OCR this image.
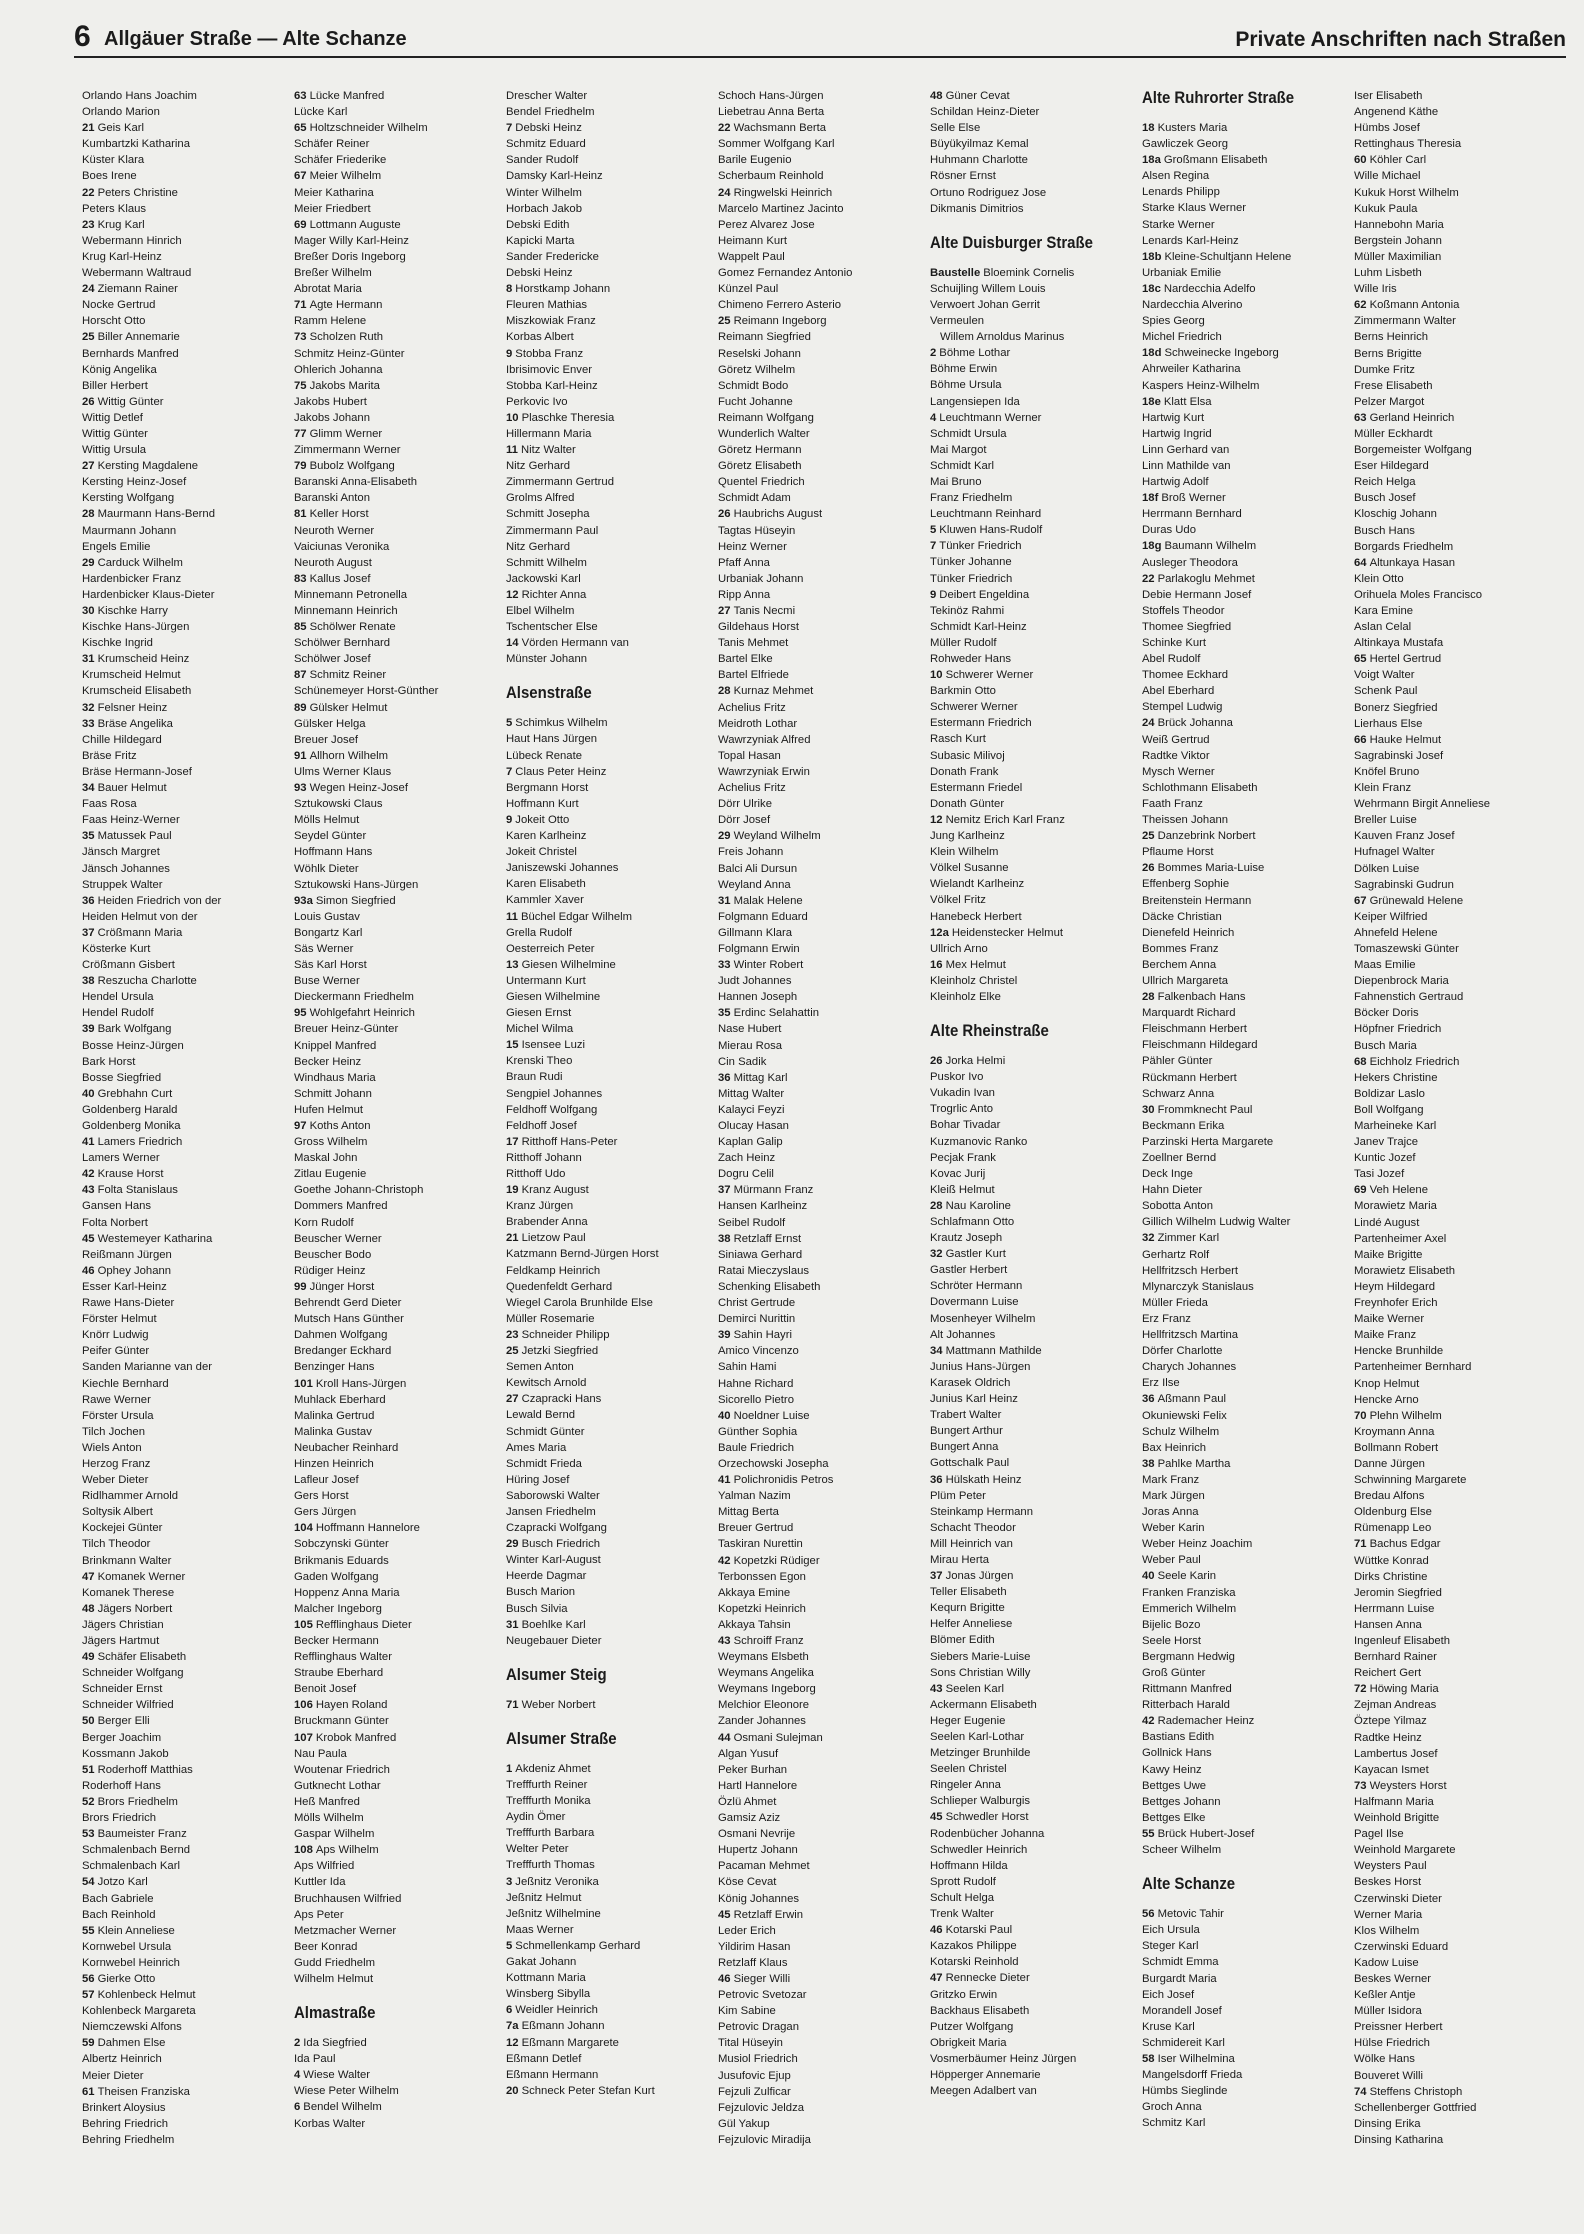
6 Allgäuer Straße — Alte Schanze	Private Anschriften nach Straßen
Orlando Hans Joachim
Orlando Marion
21 Geis Karl
Kumbartzki Katharina
Küster Klara
Boes Irene
22 Peters Christine
Peters Klaus
23 Krug Karl
Webermann Hinrich
Krug Karl-Heinz
Webermann Waltraud
24 Ziemann Rainer
Nocke Gertrud
Horscht Otto
25 Biller Annemarie
Bernhards Manfred
König Angelika
Biller Herbert
26 Wittig Günter
Wittig Detlef
Wittig Günter
Wittig Ursula
27 Kersting Magdalene
Kersting Heinz-Josef
Kersting Wolfgang
28 Maurmann Hans-Bernd
Maurmann Johann
Engels Emilie
29 Carduck Wilhelm
Hardenbicker Franz
Hardenbicker Klaus-Dieter
30 Kischke Harry
Kischke Hans-Jürgen
Kischke Ingrid
31 Krumscheid Heinz
Krumscheid Helmut
Krumscheid Elisabeth
32 Felsner Heinz
33 Bräse Angelika
Chille Hildegard
Bräse Fritz
Bräse Hermann-Josef
34 Bauer Helmut
Faas Rosa
Faas Heinz-Werner
35 Matussek Paul
Jänsch Margret
Jänsch Johannes
Struppek Walter
36 Heiden Friedrich von der
Heiden Helmut von der
37 Crößmann Maria
Kösterke Kurt
Crößmann Gisbert
38 Reszucha Charlotte
Hendel Ursula
Hendel Rudolf
39 Bark Wolfgang
Bosse Heinz-Jürgen
Bark Horst
Bosse Siegfried
40 Grebhahn Curt
Goldenberg Harald
Goldenberg Monika
41 Lamers Friedrich
Lamers Werner
42 Krause Horst
43 Folta Stanislaus
Gansen Hans
Folta Norbert
45 Westemeyer Katharina
Reißmann Jürgen
46 Ophey Johann
Esser Karl-Heinz
Rawe Hans-Dieter
Förster Helmut
Knörr Ludwig
Peifer Günter
Sanden Marianne van der
Kiechle Bernhard
Rawe Werner
Förster Ursula
Tilch Jochen
Wiels Anton
Herzog Franz
Weber Dieter
Ridlhammer Arnold
Soltysik Albert
Kockejei Günter
Tilch Theodor
Brinkmann Walter
47 Komanek Werner
Komanek Therese
48 Jägers Norbert
Jägers Christian
Jägers Hartmut
49 Schäfer Elisabeth
Schneider Wolfgang
Schneider Ernst
Schneider Wilfried
50 Berger Elli
Berger Joachim
Kossmann Jakob
51 Roderhoff Matthias
Roderhoff Hans
52 Brors Friedhelm
Brors Friedrich
53 Baumeister Franz
Schmalenbach Bernd
Schmalenbach Karl
54 Jotzo Karl
Bach Gabriele
Bach Reinhold
55 Klein Anneliese
Kornwebel Ursula
Kornwebel Heinrich
56 Gierke Otto
57 Kohlenbeck Helmut
Kohlenbeck Margareta
Niemczewski Alfons
59 Dahmen Else
Albertz Heinrich
Meier Dieter
61 Theisen Franziska
Brinkert Aloysius
Behring Friedrich
Behring Friedhelm
63 Lücke Manfred
Lücke Karl
65 Holtzschneider Wilhelm
Schäfer Reiner
Schäfer Friederike
67 Meier Wilhelm
Meier Katharina
Meier Friedbert
69 Lottmann Auguste
Mager Willy Karl-Heinz
Breßer Doris Ingeborg
Breßer Wilhelm
Abrotat Maria
71 Agte Hermann
Ramm Helene
73 Scholzen Ruth
Schmitz Heinz-Günter
Ohlerich Johanna
75 Jakobs Marita
Jakobs Hubert
Jakobs Johann
77 Glimm Werner
Zimmermann Werner
79 Bubolz Wolfgang
Baranski Anna-Elisabeth
Baranski Anton
81 Keller Horst
Neuroth Werner
Vaiciunas Veronika
Neuroth August
83 Kallus Josef
Minnemann Petronella
Minnemann Heinrich
85 Schölwer Renate
Schölwer Bernhard
Schölwer Josef
87 Schmitz Reiner
Schünemeyer Horst-Günther
89 Gülsker Helmut
Gülsker Helga
Breuer Josef
91 Allhorn Wilhelm
Ulms Werner Klaus
93 Wegen Heinz-Josef
Sztukowski Claus
Mölls Helmut
Seydel Günter
Hoffmann Hans
Wöhlk Dieter
Sztukowski Hans-Jürgen
93a Simon Siegfried
Louis Gustav
Bongartz Karl
Säs Werner
Säs Karl Horst
Buse Werner
Dieckermann Friedhelm
95 Wohlgefahrt Heinrich
Breuer Heinz-Günter
Knippel Manfred
Becker Heinz
Windhaus Maria
Schmitt Johann
Hufen Helmut
97 Koths Anton
Gross Wilhelm
Maskal John
Zitlau Eugenie
Goethe Johann-Christoph
Dommers Manfred
Korn Rudolf
Beuscher Werner
Beuscher Bodo
Rüdiger Heinz
99 Jünger Horst
Behrendt Gerd Dieter
Mutsch Hans Günther
Dahmen Wolfgang
Bredanger Eckhard
Benzinger Hans
101 Kroll Hans-Jürgen
Muhlack Eberhard
Malinka Gertrud
Malinka Gustav
Neubacher Reinhard
Hinzen Heinrich
Lafleur Josef
Gers Horst
Gers Jürgen
104 Hoffmann Hannelore
Sobczynski Günter
Brikmanis Eduards
Gaden Wolfgang
Hoppenz Anna Maria
Malcher Ingeborg
105 Refflinghaus Dieter
Becker Hermann
Refflinghaus Walter
Straube Eberhard
Benoit Josef
106 Hayen Roland
Bruckmann Günter
107 Krobok Manfred
Nau Paula
Woutenar Friedrich
Gutknecht Lothar
Heß Manfred
Mölls Wilhelm
Gaspar Wilhelm
108 Aps Wilhelm
Aps Wilfried
Kuttler Ida
Bruchhausen Wilfried
Aps Peter
Metzmacher Werner
Beer Konrad
Gudd Friedhelm
Wilhelm Helmut
Almastraße
2 Ida Siegfried
Ida Paul
4 Wiese Walter
Wiese Peter Wilhelm
6 Bendel Wilhelm
Korbas Walter
Drescher Walter
Bendel Friedhelm
7 Debski Heinz
Schmitz Eduard
Sander Rudolf
Damsky Karl-Heinz
Winter Wilhelm
Horbach Jakob
Debski Edith
Kapicki Marta
Sander Fredericke
Debski Heinz
8 Horstkamp Johann
Fleuren Mathias
Miszkowiak Franz
Korbas Albert
9 Stobba Franz
Ibrisimovic Enver
Stobba Karl-Heinz
Perkovic Ivo
10 Plaschke Theresia
Hillermann Maria
11 Nitz Walter
Nitz Gerhard
Zimmermann Gertrud
Grolms Alfred
Schmitt Josepha
Zimmermann Paul
Nitz Gerhard
Schmitt Wilhelm
Jackowski Karl
12 Richter Anna
Elbel Wilhelm
Tschentscher Else
14 Vörden Hermann van
Münster Johann
Alsenstraße
5 Schimkus Wilhelm
Haut Hans Jürgen
Lübeck Renate
7 Claus Peter Heinz
Bergmann Horst
Hoffmann Kurt
9 Jokeit Otto
Karen Karlheinz
Jokeit Christel
Janiszewski Johannes
Karen Elisabeth
Kammler Xaver
11 Büchel Edgar Wilhelm
Grella Rudolf
Oesterreich Peter
13 Giesen Wilhelmine
Untermann Kurt
Giesen Wilhelmine
Giesen Ernst
Michel Wilma
15 Isensee Luzi
Krenski Theo
Braun Rudi
Sengpiel Johannes
Feldhoff Wolfgang
Feldhoff Josef
17 Ritthoff Hans-Peter
Ritthoff Johann
Ritthoff Udo
19 Kranz August
Kranz Jürgen
Brabender Anna
21 Lietzow Paul
Katzmann Bernd-Jürgen Horst
Feldkamp Heinrich
Quedenfeldt Gerhard
Wiegel Carola Brunhilde Else
Müller Rosemarie
23 Schneider Philipp
25 Jetzki Siegfried
Semen Anton
Kewitsch Arnold
27 Czapracki Hans
Lewald Bernd
Schmidt Günter
Ames Maria
Schmidt Frieda
Hüring Josef
Saborowski Walter
Jansen Friedhelm
Czapracki Wolfgang
29 Busch Friedrich
Winter Karl-August
Heerde Dagmar
Busch Marion
Busch Silvia
31 Boehlke Karl
Neugebauer Dieter
Alsumer Steig
71 Weber Norbert
Alsumer Straße
1 Akdeniz Ahmet
Trefffurth Reiner
Trefffurth Monika
Aydin Ömer
Trefffurth Barbara
Welter Peter
Trefffurth Thomas
3 Jeßnitz Veronika
Jeßnitz Helmut
Jeßnitz Wilhelmine
Maas Werner
5 Schmellenkamp Gerhard
Gakat Johann
Kottmann Maria
Winsberg Sibylla
6 Weidler Heinrich
7a Eßmann Johann
12 Eßmann Margarete
Eßmann Detlef
Eßmann Hermann
20 Schneck Peter Stefan Kurt
Schoch Hans-Jürgen
Liebetrau Anna Berta
22 Wachsmann Berta
Sommer Wolfgang Karl
Barile Eugenio
Scherbaum Reinhold
24 Ringwelski Heinrich
Marcelo Martinez Jacinto
Perez Alvarez Jose
Heimann Kurt
Wappelt Paul
Gomez Fernandez Antonio
Künzel Paul
Chimeno Ferrero Asterio
25 Reimann Ingeborg
Reimann Siegfried
Reselski Johann
Göretz Wilhelm
Schmidt Bodo
Fucht Johanne
Reimann Wolfgang
Wunderlich Walter
Göretz Hermann
Göretz Elisabeth
Quentel Friedrich
Schmidt Adam
26 Haubrichs August
Tagtas Hüseyin
Heinz Werner
Pfaff Anna
Urbaniak Johann
Ripp Anna
27 Tanis Necmi
Gildehaus Horst
Tanis Mehmet
Bartel Elke
Bartel Elfriede
28 Kurnaz Mehmet
Achelius Fritz
Meidroth Lothar
Wawrzyniak Alfred
Topal Hasan
Wawrzyniak Erwin
Achelius Fritz
Dörr Ulrike
Dörr Josef
29 Weyland Wilhelm
Freis Johann
Balci Ali Dursun
Weyland Anna
31 Malak Helene
Folgmann Eduard
Gillmann Klara
Folgmann Erwin
33 Winter Robert
Judt Johannes
Hannen Joseph
35 Erdinc Selahattin
Nase Hubert
Mierau Rosa
Cin Sadik
36 Mittag Karl
Mittag Walter
Kalayci Feyzi
Olucay Hasan
Kaplan Galip
Zach Heinz
Dogru Celil
37 Mürmann Franz
Hansen Karlheinz
Seibel Rudolf
38 Retzlaff Ernst
Siniawa Gerhard
Ratai Mieczyslaus
Schenking Elisabeth
Christ Gertrude
Demirci Nurittin
39 Sahin Hayri
Amico Vincenzo
Sahin Hami
Hahne Richard
Sicorello Pietro
40 Noeldner Luise
Günther Sophia
Baule Friedrich
Orzechowski Josepha
41 Polichronidis Petros
Yalman Nazim
Mittag Berta
Breuer Gertrud
Taskiran Nurettin
42 Kopetzki Rüdiger
Terbonssen Egon
Akkaya Emine
Kopetzki Heinrich
Akkaya Tahsin
43 Schroiff Franz
Weymans Elsbeth
Weymans Angelika
Weymans Ingeborg
Melchior Eleonore
Zander Johannes
44 Osmani Sulejman
Algan Yusuf
Peker Burhan
Hartl Hannelore
Özlü Ahmet
Gamsiz Aziz
Osmani Nevrije
Hupertz Johann
Pacaman Mehmet
Köse Cevat
König Johannes
45 Retzlaff Erwin
Leder Erich
Yildirim Hasan
Retzlaff Klaus
46 Sieger Willi
Petrovic Svetozar
Kim Sabine
Petrovic Dragan
Tital Hüseyin
Musiol Friedrich
Jusufovic Ejup
Fejzuli Zulficar
Fejzulovic Jeldza
Gül Yakup
Fejzulovic Miradija
48 Güner Cevat
Schildan Heinz-Dieter
Selle Else
Büyükyilmaz Kemal
Huhmann Charlotte
Rösner Ernst
Ortuno Rodriguez Jose
Dikmanis Dimitrios
Alte Duisburger Straße
Baustelle Bloemink Cornelis
Schuijling Willem Louis
Verwoert Johan Gerrit
Vermeulen
Willem Arnoldus Marinus
2 Böhme Lothar
Böhme Erwin
Böhme Ursula
Langensiepen Ida
4 Leuchtmann Werner
Schmidt Ursula
Mai Margot
Schmidt Karl
Mai Bruno
Franz Friedhelm
Leuchtmann Reinhard
5 Kluwen Hans-Rudolf
7 Tünker Friedrich
Tünker Johanne
Tünker Friedrich
9 Deibert Engeldina
Tekinöz Rahmi
Schmidt Karl-Heinz
Müller Rudolf
Rohweder Hans
10 Schwerer Werner
Barkmin Otto
Schwerer Werner
Estermann Friedrich
Rasch Kurt
Subasic Milivoj
Donath Frank
Estermann Friedel
Donath Günter
12 Nemitz Erich Karl Franz
Jung Karlheinz
Klein Wilhelm
Völkel Susanne
Wielandt Karlheinz
Völkel Fritz
Hanebeck Herbert
12a Heidenstecker Helmut
Ullrich Arno
16 Mex Helmut
Kleinholz Christel
Kleinholz Elke
Alte Rheinstraße
26 Jorka Helmi
Puskor Ivo
Vukadin Ivan
Trogrlic Anto
Bohar Tivadar
Kuzmanovic Ranko
Pecjak Frank
Kovac Jurij
Kleiß Helmut
28 Nau Karoline
Schlafmann Otto
Krautz Joseph
32 Gastler Kurt
Gastler Herbert
Schröter Hermann
Dovermann Luise
Mosenheyer Wilhelm
Alt Johannes
34 Mattmann Mathilde
Junius Hans-Jürgen
Karasek Oldrich
Junius Karl Heinz
Trabert Walter
Bungert Arthur
Bungert Anna
Gottschalk Paul
36 Hülskath Heinz
Plüm Peter
Steinkamp Hermann
Schacht Theodor
Mill Heinrich van
Mirau Herta
37 Jonas Jürgen
Teller Elisabeth
Kequrn Brigitte
Helfer Anneliese
Blömer Edith
Siebers Marie-Luise
Sons Christian Willy
43 Seelen Karl
Ackermann Elisabeth
Heger Eugenie
Seelen Karl-Lothar
Metzinger Brunhilde
Seelen Christel
Ringeler Anna
Schlieper Walburgis
45 Schwedler Horst
Rodenbücher Johanna
Schwedler Heinrich
Hoffmann Hilda
Sprott Rudolf
Schult Helga
Trenk Walter
46 Kotarski Paul
Kazakos Philippe
Kotarski Reinhold
47 Rennecke Dieter
Gritzko Erwin
Backhaus Elisabeth
Putzer Wolfgang
Obrigkeit Maria
Vosmerbäumer Heinz Jürgen
Höpperger Annemarie
Meegen Adalbert van
Alte Ruhrorter Straße
18 Kusters Maria
Gawliczek Georg
18a Großmann Elisabeth
Alsen Regina
Lenards Philipp
Starke Klaus Werner
Starke Werner
Lenards Karl-Heinz
18b Kleine-Schultjann Helene
Urbaniak Emilie
18c Nardecchia Adelfo
Nardecchia Alverino
Spies Georg
Michel Friedrich
18d Schweinecke Ingeborg
Ahrweiler Katharina
Kaspers Heinz-Wilhelm
18e Klatt Elsa
Hartwig Kurt
Hartwig Ingrid
Linn Gerhard van
Linn Mathilde van
Hartwig Adolf
18f Broß Werner
Herrmann Bernhard
Duras Udo
18g Baumann Wilhelm
Ausleger Theodora
22 Parlakoglu Mehmet
Debie Hermann Josef
Stoffels Theodor
Thomee Siegfried
Schinke Kurt
Abel Rudolf
Thomee Eckhard
Abel Eberhard
Stempel Ludwig
24 Brück Johanna
Weiß Gertrud
Radtke Viktor
Mysch Werner
Schlothmann Elisabeth
Faath Franz
Theissen Johann
25 Danzebrink Norbert
Pflaume Horst
26 Bommes Maria-Luise
Effenberg Sophie
Breitenstein Hermann
Däcke Christian
Dienefeld Heinrich
Bommes Franz
Berchem Anna
Ullrich Margareta
28 Falkenbach Hans
Marquardt Richard
Fleischmann Herbert
Fleischmann Hildegard
Pähler Günter
Rückmann Herbert
Schwarz Anna
30 Frommknecht Paul
Beckmann Erika
Parzinski Herta Margarete
Zoellner Bernd
Deck Inge
Hahn Dieter
Sobotta Anton
Gillich Wilhelm Ludwig Walter
32 Zimmer Karl
Gerhartz Rolf
Hellfritzsch Herbert
Mlynarczyk Stanislaus
Müller Frieda
Erz Franz
Hellfritzsch Martina
Dörfer Charlotte
Charych Johannes
Erz Ilse
36 Aßmann Paul
Okuniewski Felix
Schulz Wilhelm
Bax Heinrich
38 Pahlke Martha
Mark Franz
Mark Jürgen
Joras Anna
Weber Karin
Weber Heinz Joachim
Weber Paul
40 Seele Karin
Franken Franziska
Emmerich Wilhelm
Bijelic Bozo
Seele Horst
Bergmann Hedwig
Groß Günter
Rittmann Manfred
Ritterbach Harald
42 Rademacher Heinz
Bastians Edith
Gollnick Hans
Kawy Heinz
Bettges Uwe
Bettges Johann
Bettges Elke
55 Brück Hubert-Josef
Scheer Wilhelm
Alte Schanze
56 Metovic Tahir
Eich Ursula
Steger Karl
Schmidt Emma
Burgardt Maria
Eich Josef
Morandell Josef
Kruse Karl
Schmidereit Karl
58 Iser Wilhelmina
Mangelsdorff Frieda
Hümbs Sieglinde
Groch Anna
Schmitz Karl
Iser Elisabeth
Angenend Käthe
Hümbs Josef
Rettinghaus Theresia
60 Köhler Carl
Wille Michael
Kukuk Horst Wilhelm
Kukuk Paula
Hannebohn Maria
Bergstein Johann
Müller Maximilian
Luhm Lisbeth
Wille Iris
62 Koßmann Antonia
Zimmermann Walter
Berns Heinrich
Berns Brigitte
Dumke Fritz
Frese Elisabeth
Pelzer Margot
63 Gerland Heinrich
Müller Eckhardt
Borgemeister Wolfgang
Eser Hildegard
Reich Helga
Busch Josef
Kloschig Johann
Busch Hans
Borgards Friedhelm
64 Altunkaya Hasan
Klein Otto
Orihuela Moles Francisco
Kara Emine
Aslan Celal
Altinkaya Mustafa
65 Hertel Gertrud
Voigt Walter
Schenk Paul
Bonerz Siegfried
Lierhaus Else
66 Hauke Helmut
Sagrabinski Josef
Knöfel Bruno
Klein Franz
Wehrmann Birgit Anneliese
Breller Luise
Kauven Franz Josef
Hufnagel Walter
Dölken Luise
Sagrabinski Gudrun
67 Grünewald Helene
Keiper Wilfried
Ahnefeld Helene
Tomaszewski Günter
Maas Emilie
Diepenbrock Maria
Fahnenstich Gertraud
Böcker Doris
Höpfner Friedrich
Busch Maria
68 Eichholz Friedrich
Hekers Christine
Boldizar Laslo
Boll Wolfgang
Marheineke Karl
Janev Trajce
Kuntic Jozef
Tasi Jozef
69 Veh Helene
Morawietz Maria
Lindé August
Partenheimer Axel
Maike Brigitte
Morawietz Elisabeth
Heym Hildegard
Freynhofer Erich
Maike Werner
Maike Franz
Hencke Brunhilde
Partenheimer Bernhard
Knop Helmut
Hencke Arno
70 Plehn Wilhelm
Kroymann Anna
Bollmann Robert
Danne Jürgen
Schwinning Margarete
Bredau Alfons
Oldenburg Else
Rümenapp Leo
71 Bachus Edgar
Wüttke Konrad
Dirks Christine
Jeromin Siegfried
Herrmann Luise
Hansen Anna
Ingenleuf Elisabeth
Bernhard Rainer
Reichert Gert
72 Höwing Maria
Zejman Andreas
Öztepe Yilmaz
Radtke Heinz
Lambertus Josef
Kayacan Ismet
73 Weysters Horst
Halfmann Maria
Weinhold Brigitte
Pagel Ilse
Weinhold Margarete
Weysters Paul
Beskes Horst
Czerwinski Dieter
Werner Maria
Klos Wilhelm
Czerwinski Eduard
Kadow Luise
Beskes Werner
Keßler Antje
Müller Isidora
Preissner Herbert
Hülse Friedrich
Wölke Hans
Bouveret Willi
74 Steffens Christoph
Schellenberger Gottfried
Dinsing Erika
Dinsing Katharina
